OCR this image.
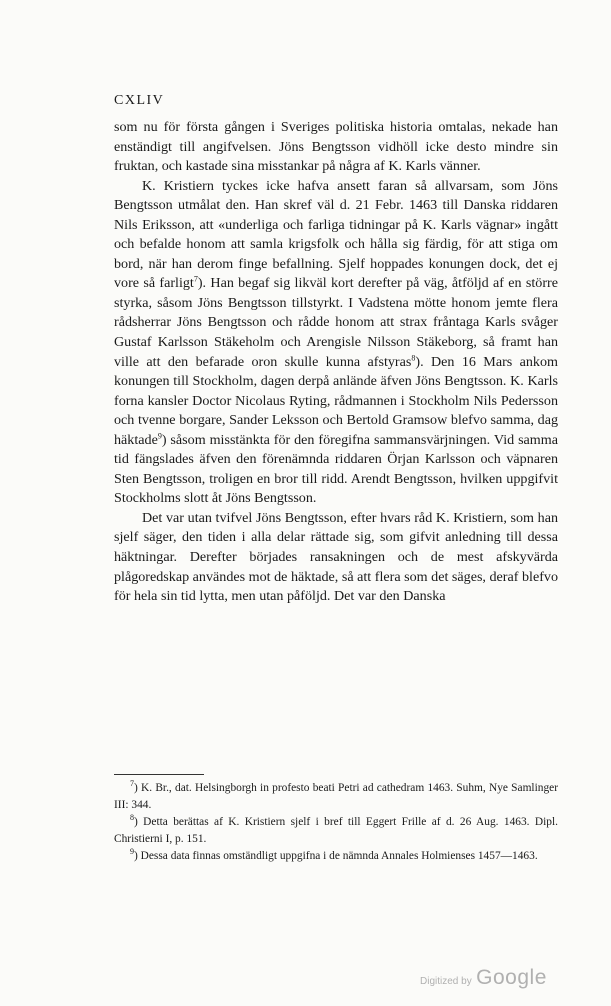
CXLIV

som nu för första gången i Sveriges politiska historia omtalas, nekade han enständigt till angifvelsen. Jöns Bengtsson vidhöll icke desto mindre sin fruktan, och kastade sina misstankar på några af K. Karls vänner.

K. Kristiern tyckes icke hafva ansett faran så allvarsam, som Jöns Bengtsson utmålat den. Han skref väl d. 21 Febr. 1463 till Danska riddaren Nils Eriksson, att «underliga och farliga tidningar på K. Karls vägnar» ingått och befalde honom att samla krigsfolk och hålla sig färdig, för att stiga om bord, när han derom finge befallning. Sjelf hoppades konungen dock, det ej vore så farligt$^7$). Han begaf sig likväl kort derefter på väg, åtföljd af en större styrka, såsom Jöns Bengtsson tillstyrkt. I Vadstena mötte honom jemte flera rådsherrar Jöns Bengtsson och rådde honom att strax fråntaga Karls svåger Gustaf Karlsson Stäkeholm och Arengisle Nilsson Stäkeborg, så framt han ville att den befarade oron skulle kunna afstyras$^8$). Den 16 Mars ankom konungen till Stockholm, dagen derpå anlände äfven Jöns Bengtsson. K. Karls forna kansler Doctor Nicolaus Ryting, rådmannen i Stockholm Nils Pedersson och tvenne borgare, Sander Leksson och Bertold Gramsow blefvo samma, dag häktade$^9$) såsom misstänkta för den föregifna sammansvärjningen. Vid samma tid fängslades äfven den förenämnda riddaren Örjan Karlsson och väpnaren Sten Bengtsson, troligen en bror till ridd. Arendt Bengtsson, hvilken uppgifvit Stockholms slott åt Jöns Bengtsson.

Det var utan tvifvel Jöns Bengtsson, efter hvars råd K. Kristiern, som han sjelf säger, den tiden i alla delar rättade sig, som gifvit anledning till dessa häktningar. Derefter börjades ransakningen och de mest afskyvärda plågoredskap användes mot de häktade, så att flera som det säges, deraf blefvo för hela sin tid lytta, men utan påföljd. Det var den Danska

$^7$) K. Br., dat. Helsingborgh in profesto beati Petri ad cathedram 1463. Suhm, Nye Samlinger III: 344.

$^8$) Detta berättas af K. Kristiern sjelf i bref till Eggert Frille af d. 26 Aug. 1463. Dipl. Christierni I, p. 151.

$^9$) Dessa data finnas omständligt uppgifna i de nämnda Annales Holmienses 1457—1463.

Digitized by Google
